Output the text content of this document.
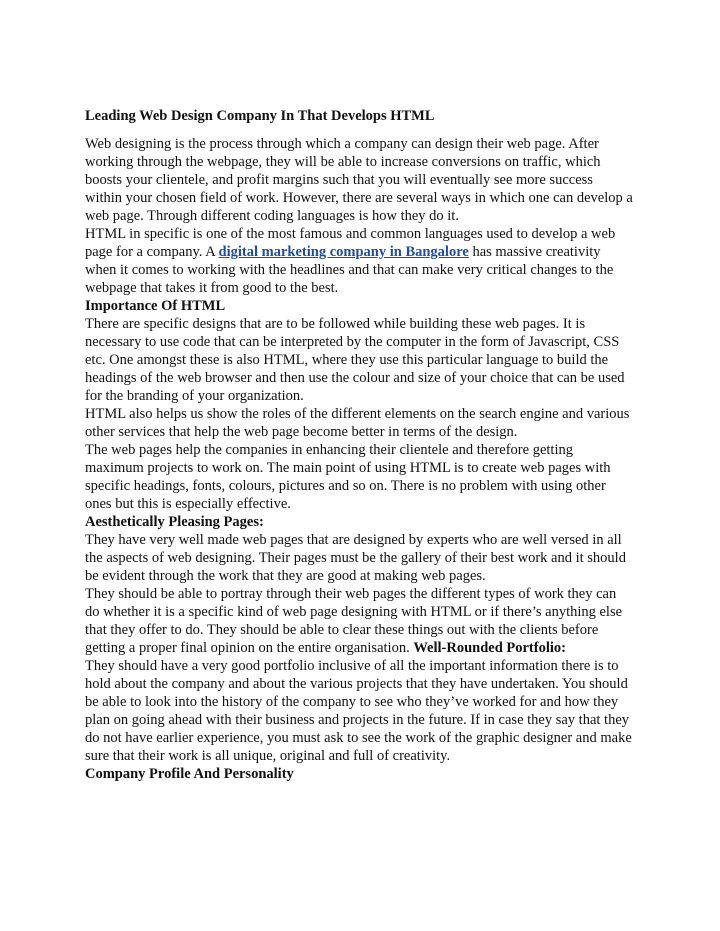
Leading Web Design Company In That Develops HTML

Web designing is the process through which a company can design their web page. After working through the webpage, they will be able to increase conversions on traffic, which boosts your clientele, and profit margins such that you will eventually see more success within your chosen field of work. However, there are several ways in which one can develop a web page. Through different coding languages is how they do it.

HTML in specific is one of the most famous and common languages used to develop a web page for a company. A digital marketing company in Bangalore has massive creativity when it comes to working with the headlines and that can make very critical changes to the webpage that takes it from good to the best.

Importance Of HTML

There are specific designs that are to be followed while building these web pages. It is necessary to use code that can be interpreted by the computer in the form of Javascript, CSS etc. One amongst these is also HTML, where they use this particular language to build the headings of the web browser and then use the colour and size of your choice that can be used for the branding of your organization.

HTML also helps us show the roles of the different elements on the search engine and various other services that help the web page become better in terms of the design.

The web pages help the companies in enhancing their clientele and therefore getting maximum projects to work on. The main point of using HTML is to create web pages with specific headings, fonts, colours, pictures and so on. There is no problem with using other ones but this is especially effective.

Aesthetically Pleasing Pages:

They have very well made web pages that are designed by experts who are well versed in all the aspects of web designing. Their pages must be the gallery of their best work and it should be evident through the work that they are good at making web pages.

They should be able to portray through their web pages the different types of work they can do whether it is a specific kind of web page designing with HTML or if there’s anything else that they offer to do. They should be able to clear these things out with the clients before getting a proper final opinion on the entire organisation. Well-Rounded Portfolio:

They should have a very good portfolio inclusive of all the important information there is to hold about the company and about the various projects that they have undertaken. You should be able to look into the history of the company to see who they’ve worked for and how they plan on going ahead with their business and projects in the future. If in case they say that they do not have earlier experience, you must ask to see the work of the graphic designer and make sure that their work is all unique, original and full of creativity.

Company Profile And Personality
